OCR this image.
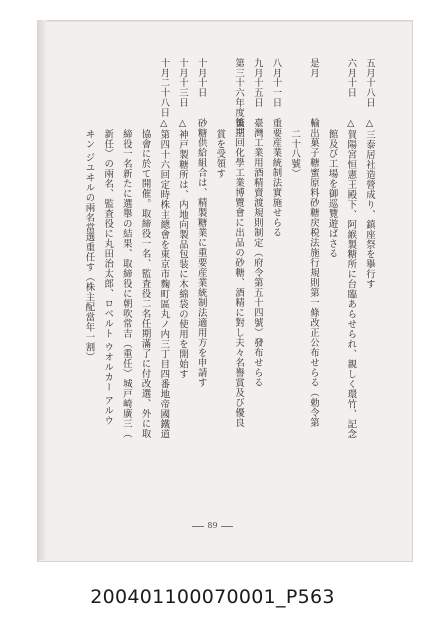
五月十八日△三泰居社造營成り、鎮座祭を擧行す
六月十日△賀陽宮恒憲王殿下、阿緱製糖所に台臨あらせられ、親しく環竹、記念
館及び工場を御巡覽遊ばさる
是月輸出菓子糖蜜原料砂糖戻税法施行規則第一條改正公布せらる（勅令第
二十八號）
八月十一日重要産業統制法實施せらる
九月十五日臺灣工業用酒精賣渡規則制定（府令第五十四號）發布せらる
第三十六年度後期第三回化學工業博覽會に出品の砂糖、酒精に對し夫々名譽賞及び優良
賞を受領す
十月十日砂糖供給組合は、精製糖業に重要産業統制法適用方を申請す
十月十三日△神戸製糖所は、内地向製品包装に木綿袋の使用を開始す
十月二十八日△第四十六回定時株主總會を東京市麴町區丸ノ内三丁目四番地帝國鐵道
協會に於て開催。取締役一名、監査役二名任期滿了に付改選、外に取
締役一名新たに選舉の結果、取締役に朝吹常吉（重任）城戸崎廣三（
新任）の兩名、監査役に丸田治太郎、ロベルト ウオルカー アルウ
ヰン ジユヰルの兩名當選重任す（株主配當年一割）
89
200401100070001_P563
